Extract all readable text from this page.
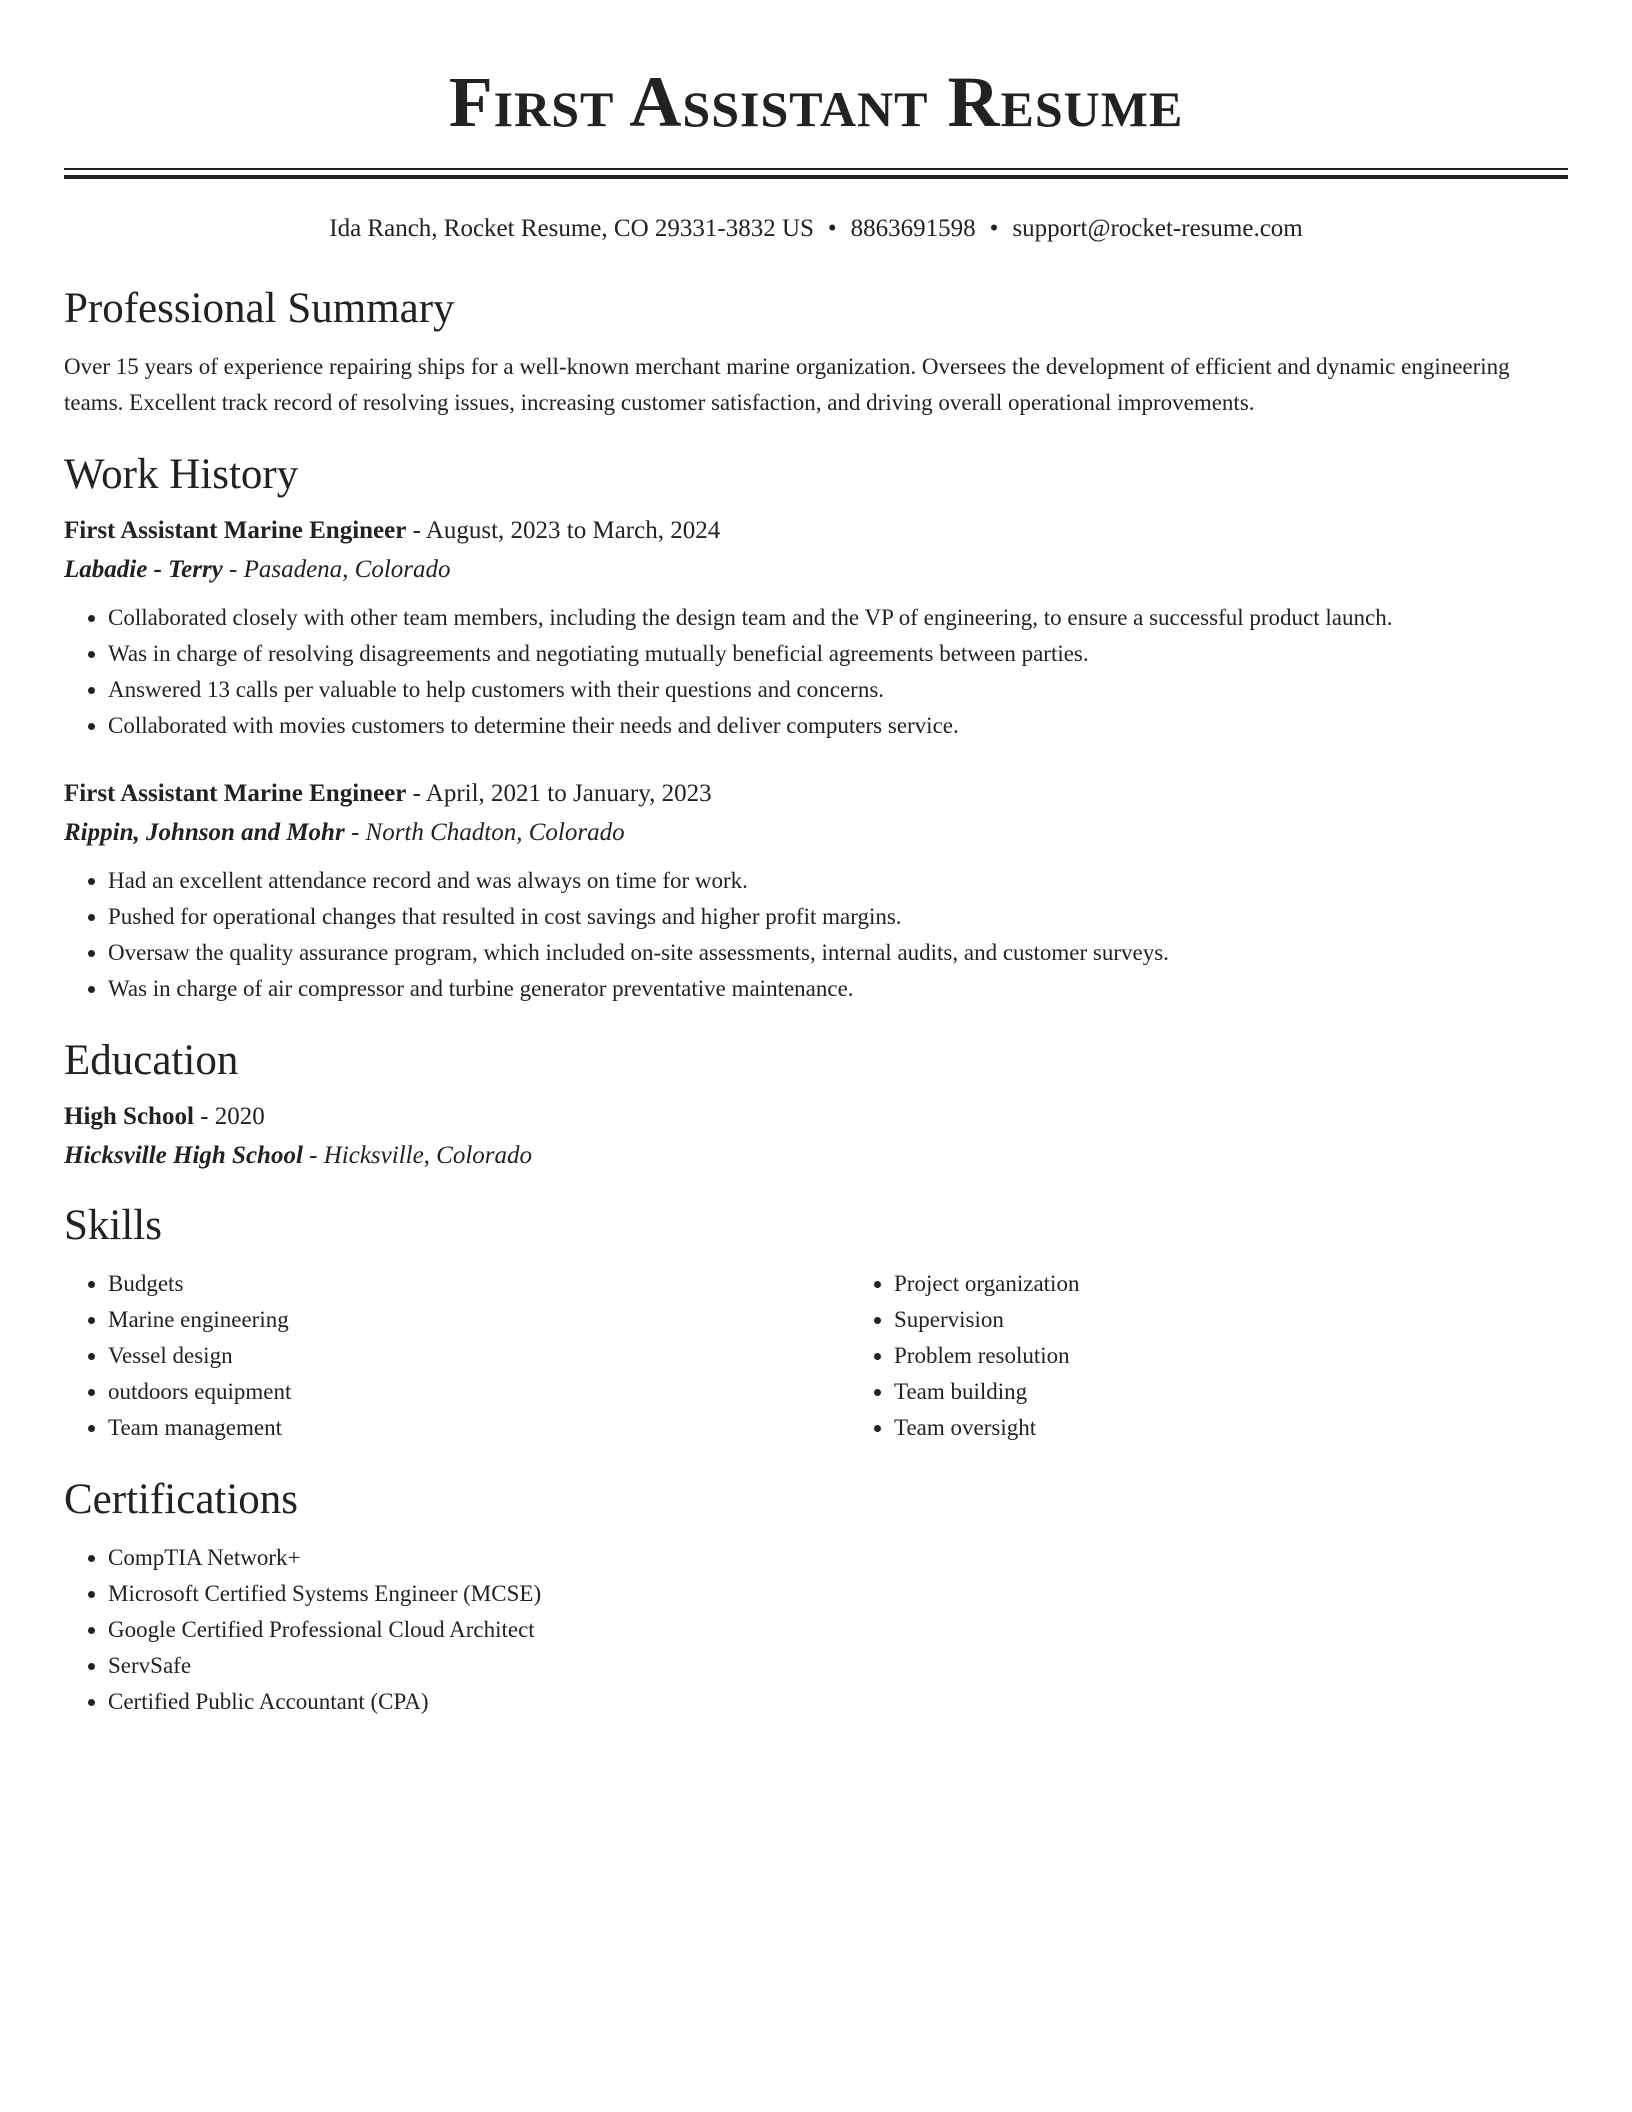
First Assistant Resume
Ida Ranch, Rocket Resume, CO 29331-3832 US • 8863691598 • support@rocket-resume.com
Professional Summary

Over 15 years of experience repairing ships for a well-known merchant marine organization. Oversees the development of efficient and dynamic engineering teams. Excellent track record of resolving issues, increasing customer satisfaction, and driving overall operational improvements.

Work History

First Assistant Marine Engineer - August, 2023 to March, 2024

Labadie - Terry - Pasadena, Colorado

• Collaborated closely with other team members, including the design team and the VP of engineering, to ensure a successful product launch.
• Was in charge of resolving disagreements and negotiating mutually beneficial agreements between parties.
• Answered 13 calls per valuable to help customers with their questions and concerns.
• Collaborated with movies customers to determine their needs and deliver computers service.

First Assistant Marine Engineer - April, 2021 to January, 2023

Rippin, Johnson and Mohr - North Chadton, Colorado

• Had an excellent attendance record and was always on time for work.
• Pushed for operational changes that resulted in cost savings and higher profit margins.
• Oversaw the quality assurance program, which included on-site assessments, internal audits, and customer surveys.
• Was in charge of air compressor and turbine generator preventative maintenance.
Education

High School - 2020

Hicksville High School - Hicksville, Colorado

Skills
• Budgets
• Marine engineering
• Vessel design
• outdoors equipment
• Team management
• Project organization
• Supervision
• Problem resolution
• Team building
• Team oversight
Certifications
• CompTIA Network+
• Microsoft Certified Systems Engineer (MCSE)
• Google Certified Professional Cloud Architect
• ServSafe
• Certified Public Accountant (CPA)
